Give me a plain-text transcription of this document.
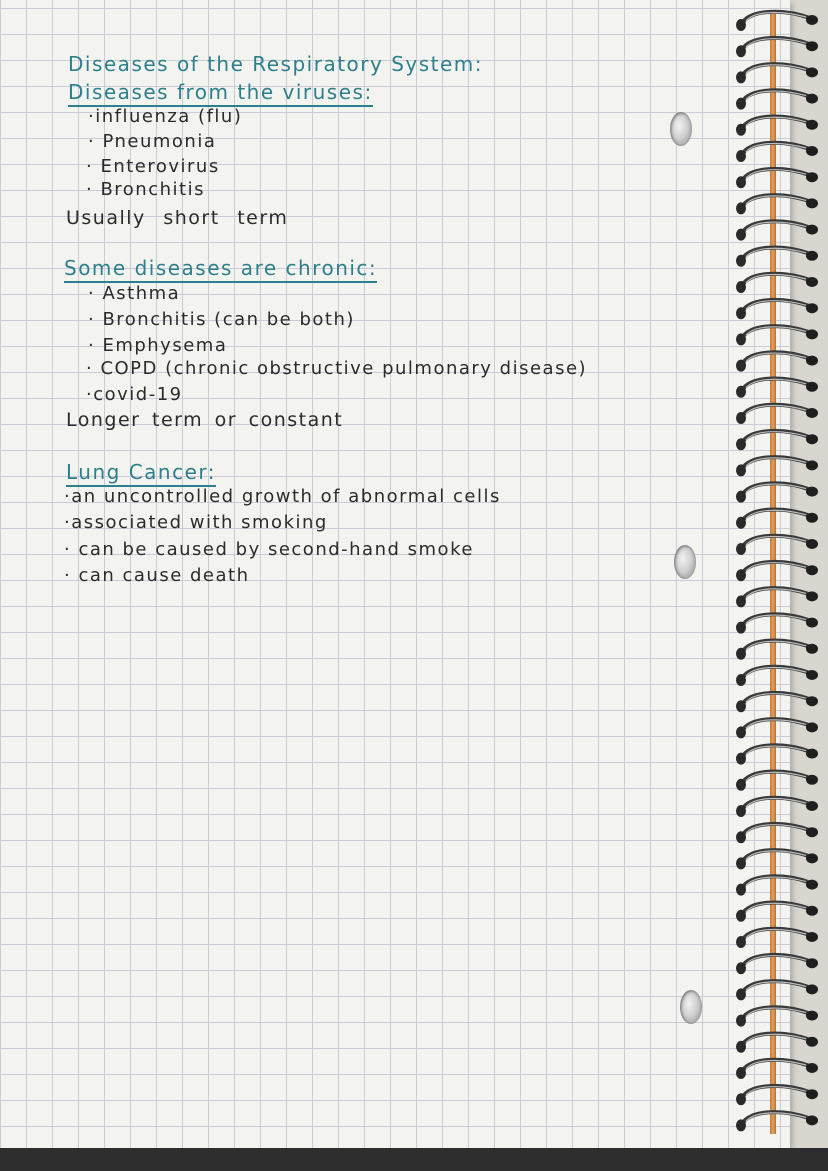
Diseases of the Respiratory System:
Diseases from the viruses:
·influenza (flu)
· Pneumonia
· Enterovirus
· Bronchitis
Usually short term
Some diseases are chronic:
· Asthma
· Bronchitis (can be both)
· Emphysema
· COPD (chronic obstructive pulmonary disease)
·covid-19
Longer term or constant
Lung Cancer:
·an uncontrolled growth of abnormal cells
·associated with smoking
· can be caused by second-hand smoke
· can cause death
